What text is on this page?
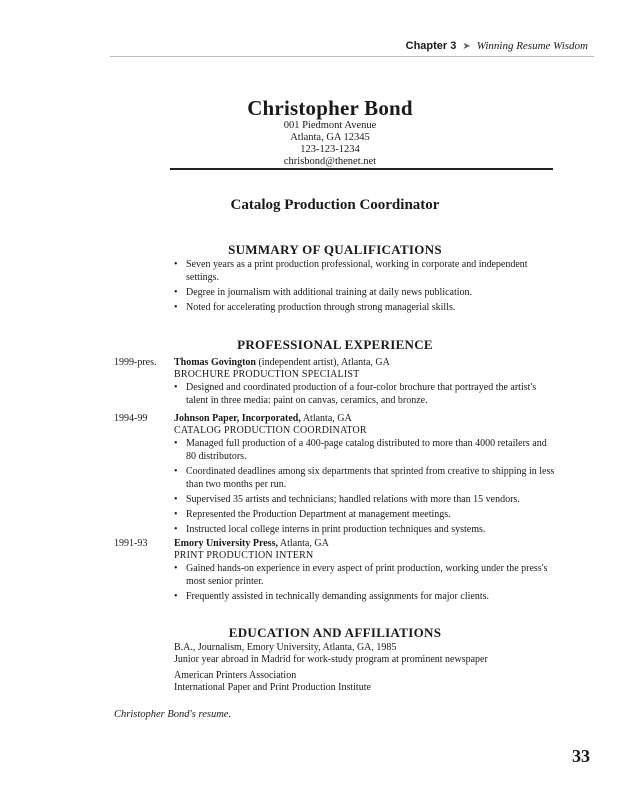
Chapter 3 ➤ Winning Resume Wisdom
Christopher Bond
001 Piedmont Avenue
Atlanta, GA 12345
123-123-1234
chrisbond@thenet.net
Catalog Production Coordinator
SUMMARY OF QUALIFICATIONS
• Seven years as a print production professional, working in corporate and independent settings.
• Degree in journalism with additional training at daily news publication.
• Noted for accelerating production through strong managerial skills.
PROFESSIONAL EXPERIENCE
1999-pres. Thomas Govington (independent artist), Atlanta, GA
BROCHURE PRODUCTION SPECIALIST
• Designed and coordinated production of a four-color brochure that portrayed the artist's talent in three media: paint on canvas, ceramics, and bronze.
1994-99	Johnson Paper, Incorporated, Atlanta, GA
CATALOG PRODUCTION COORDINATOR
• Managed full production of a 400-page catalog distributed to more than 4000 retailers and 80 distributors.
• Coordinated deadlines among six departments that sprinted from creative to shipping in less than two months per run.
• Supervised 35 artists and technicians; handled relations with more than 15 vendors.
• Represented the Production Department at management meetings.
• Instructed local college interns in print production techniques and systems.
1991-93	Emory University Press, Atlanta, GA
PRINT PRODUCTION INTERN
• Gained hands-on experience in every aspect of print production, working under the press's most senior printer.
• Frequently assisted in technically demanding assignments for major clients.
EDUCATION AND AFFILIATIONS
B.A., Journalism, Emory University, Atlanta, GA, 1985
Junior year abroad in Madrid for work-study program at prominent newspaper
American Printers Association
International Paper and Print Production Institute
Christopher Bond's resume.
33
